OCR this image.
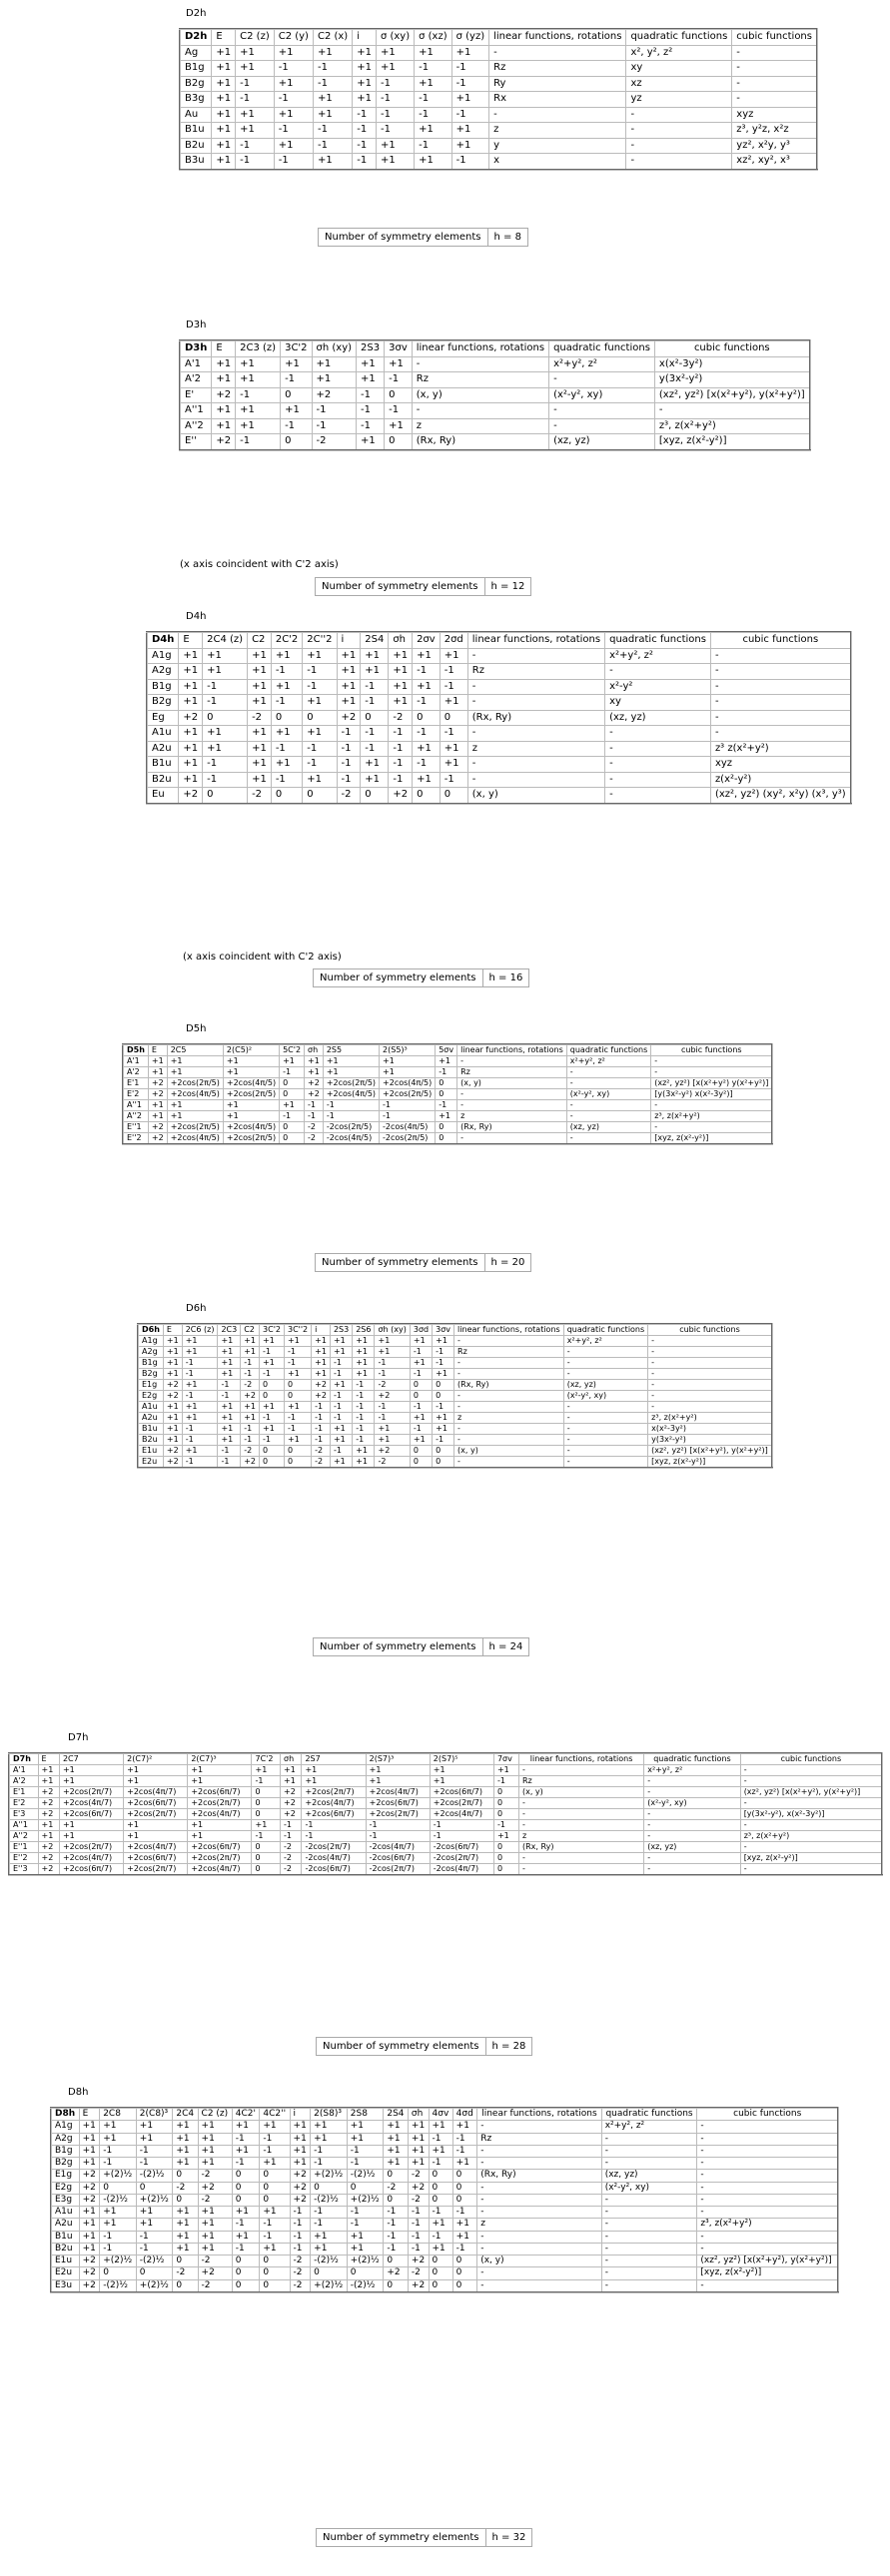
D2h
D2h	E	C2 (z)	C2 (y)	C2 (x)	i	σ (xy)	σ (xz)	σ (yz)	linear functions, rotations	quadratic functions	cubic functions
Ag	+1	+1	+1	+1	+1	+1	+1	+1	-	x², y², z²	-
B1g	+1	+1	-1	-1	+1	+1	-1	-1	Rz	xy	-
B2g	+1	-1	+1	-1	+1	-1	+1	-1	Ry	xz	-
B3g	+1	-1	-1	+1	+1	-1	-1	+1	Rx	yz	-
Au	+1	+1	+1	+1	-1	-1	-1	-1	-	-	xyz
B1u	+1	+1	-1	-1	-1	-1	+1	+1	z	-	z³, y²z, x²z
B2u	+1	-1	+1	-1	-1	+1	-1	+1	y	-	yz², x²y, y³
B3u	+1	-1	-1	+1	-1	+1	+1	-1	x	-	xz², xy², x³
Number of symmetry elements	h = 8
D3h
D3h	E	2C3 (z)	3C'2	σh (xy)	2S3	3σv	linear functions, rotations	quadratic functions	cubic functions
A'1	+1	+1	+1	+1	+1	+1	-	x²+y², z²	x(x²-3y²)
A'2	+1	+1	-1	+1	+1	-1	Rz	-	y(3x²-y²)
E'	+2	-1	0	+2	-1	0	(x, y)	(x²-y², xy)	(xz², yz²) [x(x²+y²), y(x²+y²)]
A''1	+1	+1	+1	-1	-1	-1	-	-	-
A''2	+1	+1	-1	-1	-1	+1	z	-	z³, z(x²+y²)
E''	+2	-1	0	-2	+1	0	(Rx, Ry)	(xz, yz)	[xyz, z(x²-y²)]
(x axis coincident with C'2 axis)
Number of symmetry elements	h = 12
D4h
D4h	E	2C4 (z)	C2	2C'2	2C''2	i	2S4	σh	2σv	2σd	linear functions, rotations	quadratic functions	cubic functions
A1g	+1	+1	+1	+1	+1	+1	+1	+1	+1	+1	-	x²+y², z²	-
A2g	+1	+1	+1	-1	-1	+1	+1	+1	-1	-1	Rz	-	-
B1g	+1	-1	+1	+1	-1	+1	-1	+1	+1	-1	-	x²-y²	-
B2g	+1	-1	+1	-1	+1	+1	-1	+1	-1	+1	-	xy	-
Eg	+2	0	-2	0	0	+2	0	-2	0	0	(Rx, Ry)	(xz, yz)	-
A1u	+1	+1	+1	+1	+1	-1	-1	-1	-1	-1	-	-	-
A2u	+1	+1	+1	-1	-1	-1	-1	-1	+1	+1	z	-	z³ z(x²+y²)
B1u	+1	-1	+1	+1	-1	-1	+1	-1	-1	+1	-	-	xyz
B2u	+1	-1	+1	-1	+1	-1	+1	-1	+1	-1	-	-	z(x²-y²)
Eu	+2	0	-2	0	0	-2	0	+2	0	0	(x, y)	-	(xz², yz²) (xy², x²y) (x³, y³)
(x axis coincident with C'2 axis)
Number of symmetry elements	h = 16
D5h
D5h	E	2C5	2(C5)²	5C'2	σh	2S5	2(S5)³	5σv	linear functions, rotations	quadratic functions	cubic functions
A'1	+1	+1	+1	+1	+1	+1	+1	+1	-	x²+y², z²	-
A'2	+1	+1	+1	-1	+1	+1	+1	-1	Rz	-	-
E'1	+2	+2cos(2π/5)	+2cos(4π/5)	0	+2	+2cos(2π/5)	+2cos(4π/5)	0	(x, y)	-	(xz², yz²) [x(x²+y²) y(x²+y²)]
E'2	+2	+2cos(4π/5)	+2cos(2π/5)	0	+2	+2cos(4π/5)	+2cos(2π/5)	0	-	(x²-y², xy)	[y(3x²-y²) x(x²-3y²)]
A''1	+1	+1	+1	+1	-1	-1	-1	-1	-	-	-
A''2	+1	+1	+1	-1	-1	-1	-1	+1	z	-	z³, z(x²+y²)
E''1	+2	+2cos(2π/5)	+2cos(4π/5)	0	-2	-2cos(2π/5)	-2cos(4π/5)	0	(Rx, Ry)	(xz, yz)	-
E''2	+2	+2cos(4π/5)	+2cos(2π/5)	0	-2	-2cos(4π/5)	-2cos(2π/5)	0	-	-	[xyz, z(x²-y²)]
Number of symmetry elements	h = 20
D6h
D6h	E	2C6 (z)	2C3	C2	3C'2	3C''2	i	2S3	2S6	σh (xy)	3σd	3σv	linear functions, rotations	quadratic functions	cubic functions
A1g	+1	+1	+1	+1	+1	+1	+1	+1	+1	+1	+1	+1	-	x²+y², z²	-
A2g	+1	+1	+1	+1	-1	-1	+1	+1	+1	+1	-1	-1	Rz	-	-
B1g	+1	-1	+1	-1	+1	-1	+1	-1	+1	-1	+1	-1	-	-	-
B2g	+1	-1	+1	-1	-1	+1	+1	-1	+1	-1	-1	+1	-	-	-
E1g	+2	+1	-1	-2	0	0	+2	+1	-1	-2	0	0	(Rx, Ry)	(xz, yz)	-
E2g	+2	-1	-1	+2	0	0	+2	-1	-1	+2	0	0	-	(x²-y², xy)	-
A1u	+1	+1	+1	+1	+1	+1	-1	-1	-1	-1	-1	-1	-	-	-
A2u	+1	+1	+1	+1	-1	-1	-1	-1	-1	-1	+1	+1	z	-	z³, z(x²+y²)
B1u	+1	-1	+1	-1	+1	-1	-1	+1	-1	+1	-1	+1	-	-	x(x²-3y²)
B2u	+1	-1	+1	-1	-1	+1	-1	+1	-1	+1	+1	-1	-	-	y(3x²-y²)
E1u	+2	+1	-1	-2	0	0	-2	-1	+1	+2	0	0	(x, y)	-	(xz², yz²) [x(x²+y²), y(x²+y²)]
E2u	+2	-1	-1	+2	0	0	-2	+1	+1	-2	0	0	-	-	[xyz, z(x²-y²)]
Number of symmetry elements	h = 24
D7h
D7h	E	2C7	2(C7)²	2(C7)³	7C'2	σh	2S7	2(S7)³	2(S7)⁵	7σv	linear functions, rotations	quadratic functions	cubic functions
A'1	+1	+1	+1	+1	+1	+1	+1	+1	+1	+1	-	x²+y², z²	-
A'2	+1	+1	+1	+1	-1	+1	+1	+1	+1	-1	Rz	-	-
E'1	+2	+2cos(2π/7)	+2cos(4π/7)	+2cos(6π/7)	0	+2	+2cos(2π/7)	+2cos(4π/7)	+2cos(6π/7)	0	(x, y)	-	(xz², yz²) [x(x²+y²), y(x²+y²)]
E'2	+2	+2cos(4π/7)	+2cos(6π/7)	+2cos(2π/7)	0	+2	+2cos(4π/7)	+2cos(6π/7)	+2cos(2π/7)	0	-	(x²-y², xy)	-
E'3	+2	+2cos(6π/7)	+2cos(2π/7)	+2cos(4π/7)	0	+2	+2cos(6π/7)	+2cos(2π/7)	+2cos(4π/7)	0	-	-	[y(3x²-y²), x(x²-3y²)]
A''1	+1	+1	+1	+1	+1	-1	-1	-1	-1	-1	-	-	-
A''2	+1	+1	+1	+1	-1	-1	-1	-1	-1	+1	z	-	z³, z(x²+y²)
E''1	+2	+2cos(2π/7)	+2cos(4π/7)	+2cos(6π/7)	0	-2	-2cos(2π/7)	-2cos(4π/7)	-2cos(6π/7)	0	(Rx, Ry)	(xz, yz)	-
E''2	+2	+2cos(4π/7)	+2cos(6π/7)	+2cos(2π/7)	0	-2	-2cos(4π/7)	-2cos(6π/7)	-2cos(2π/7)	0	-	-	[xyz, z(x²-y²)]
E''3	+2	+2cos(6π/7)	+2cos(2π/7)	+2cos(4π/7)	0	-2	-2cos(6π/7)	-2cos(2π/7)	-2cos(4π/7)	0	-	-	-
Number of symmetry elements	h = 28
D8h
D8h	E	2C8	2(C8)³	2C4	C2 (z)	4C2'	4C2''	i	2(S8)³	2S8	2S4	σh	4σv	4σd	linear functions, rotations	quadratic functions	cubic functions
A1g	+1	+1	+1	+1	+1	+1	+1	+1	+1	+1	+1	+1	+1	+1	-	x²+y², z²	-
A2g	+1	+1	+1	+1	+1	-1	-1	+1	+1	+1	+1	+1	-1	-1	Rz	-	-
B1g	+1	-1	-1	+1	+1	+1	-1	+1	-1	-1	+1	+1	+1	-1	-	-	-
B2g	+1	-1	-1	+1	+1	-1	+1	+1	-1	-1	+1	+1	-1	+1	-	-	-
E1g	+2	+(2)½	-(2)½	0	-2	0	0	+2	+(2)½	-(2)½	0	-2	0	0	(Rx, Ry)	(xz, yz)	-
E2g	+2	0	0	-2	+2	0	0	+2	0	0	-2	+2	0	0	-	(x²-y², xy)	-
E3g	+2	-(2)½	+(2)½	0	-2	0	0	+2	-(2)½	+(2)½	0	-2	0	0	-	-	-
A1u	+1	+1	+1	+1	+1	+1	+1	-1	-1	-1	-1	-1	-1	-1	-	-	-
A2u	+1	+1	+1	+1	+1	-1	-1	-1	-1	-1	-1	-1	+1	+1	z	-	z³, z(x²+y²)
B1u	+1	-1	-1	+1	+1	+1	-1	-1	+1	+1	-1	-1	-1	+1	-	-	-
B2u	+1	-1	-1	+1	+1	-1	+1	-1	+1	+1	-1	-1	+1	-1	-	-	-
E1u	+2	+(2)½	-(2)½	0	-2	0	0	-2	-(2)½	+(2)½	0	+2	0	0	(x, y)	-	(xz², yz²) [x(x²+y²), y(x²+y²)]
E2u	+2	0	0	-2	+2	0	0	-2	0	0	+2	-2	0	0	-	-	[xyz, z(x²-y²)]
E3u	+2	-(2)½	+(2)½	0	-2	0	0	-2	+(2)½	-(2)½	0	+2	0	0	-	-	-
Number of symmetry elements	h = 32
